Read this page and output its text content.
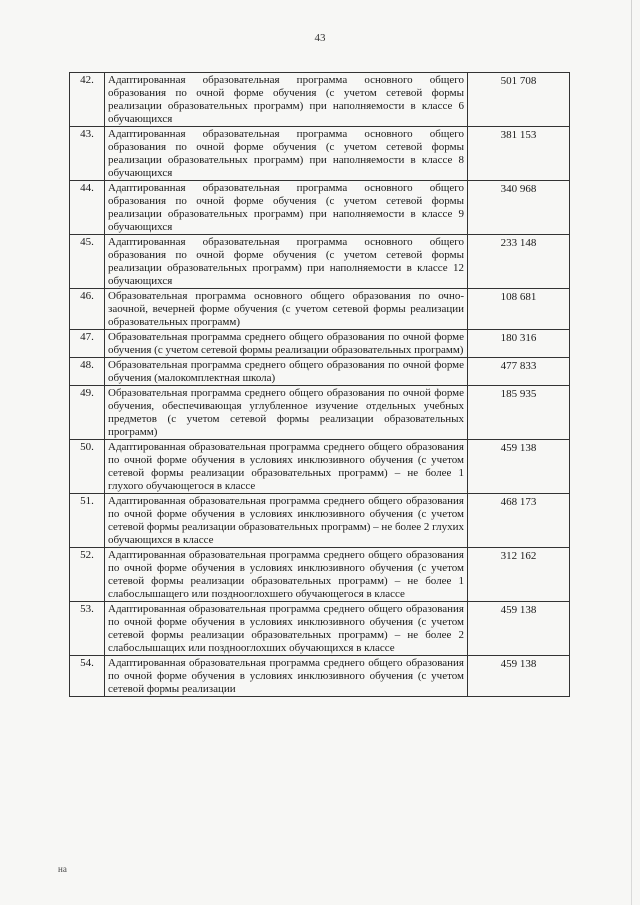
43
42.	Адаптированная образовательная программа основного общего образования по очной форме обучения (с учетом сетевой формы реализации образовательных программ) при наполняемости в классе 6 обучающихся	501 708
43.	Адаптированная образовательная программа основного общего образования по очной форме обучения (с учетом сетевой формы реализации образовательных программ) при наполняемости в классе 8 обучающихся	381 153
44.	Адаптированная образовательная программа основного общего образования по очной форме обучения (с учетом сетевой формы реализации образовательных программ) при наполняемости в классе 9 обучающихся	340 968
45.	Адаптированная образовательная программа основного общего образования по очной форме обучения (с учетом сетевой формы реализации образовательных программ) при наполняемости в классе 12 обучающихся	233 148
46.	Образовательная программа основного общего образования по очно-заочной, вечерней форме обучения (с учетом сетевой формы реализации образовательных программ)	108 681
47.	Образовательная программа среднего общего образования по очной форме обучения (с учетом сетевой формы реализации образовательных программ)	180 316
48.	Образовательная программа среднего общего образования по очной форме обучения (малокомплектная школа)	477 833
49.	Образовательная программа среднего общего образования по очной форме обучения, обеспечивающая углубленное изучение отдельных учебных предметов (с учетом сетевой формы реализации образовательных программ)	185 935
50.	Адаптированная образовательная программа среднего общего образования по очной форме обучения в условиях инклюзивного обучения (с учетом сетевой формы реализации образовательных программ) – не более 1 глухого обучающегося в классе	459 138
51.	Адаптированная образовательная программа среднего общего образования по очной форме обучения в условиях инклюзивного обучения (с учетом сетевой формы реализации образовательных программ) – не более 2 глухих обучающихся в классе	468 173
52.	Адаптированная образовательная программа среднего общего образования по очной форме обучения в условиях инклюзивного обучения (с учетом сетевой формы реализации образовательных программ) – не более 1 слабослышащего или позднооглохшего обучающегося в классе	312 162
53.	Адаптированная образовательная программа среднего общего образования по очной форме обучения в условиях инклюзивного обучения (с учетом сетевой формы реализации образовательных программ) – не более 2 слабослышащих или позднооглохших обучающихся в классе	459 138
54.	Адаптированная образовательная программа среднего общего образования по очной форме обучения в условиях инклюзивного обучения (с учетом сетевой формы реализации	459 138
на
